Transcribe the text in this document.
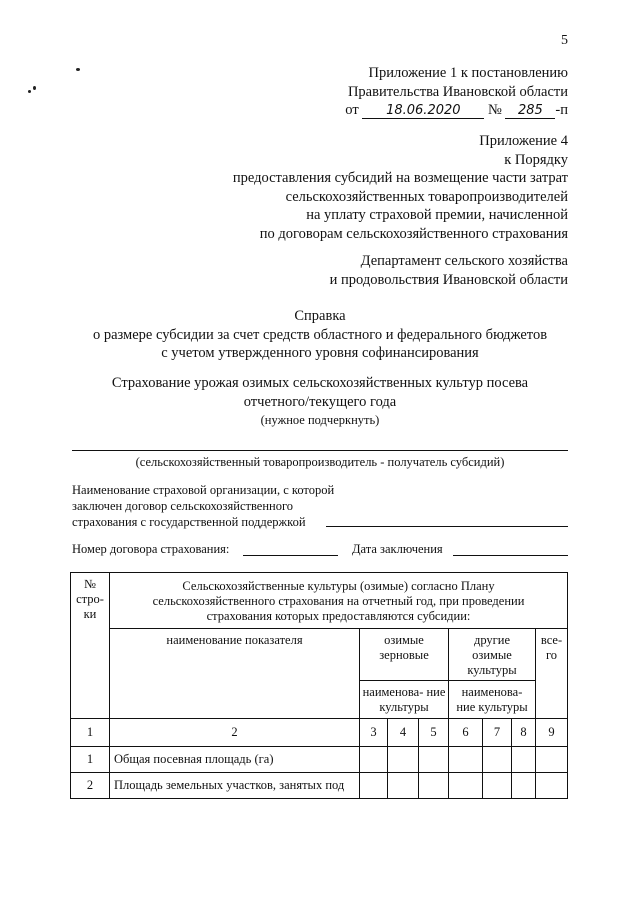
5
Приложение 1 к постановлению
Правительства Ивановской области
от 18.06.2020 № 285 -п
Приложение 4
к Порядку
предоставления субсидий на возмещение части затрат
сельскохозяйственных товаропроизводителей
на уплату страховой премии, начисленной
по договорам сельскохозяйственного страхования
Департамент сельского хозяйства
и продовольствия Ивановской области
Справка
о размере субсидии за счет средств областного и федерального бюджетов
с учетом утвержденного уровня софинансирования
Страхование урожая озимых сельскохозяйственных культур посева
отчетного/текущего года
(нужное подчеркнуть)
(сельскохозяйственный товаропроизводитель - получатель субсидий)
Наименование страховой организации, с которой
заключен договор сельскохозяйственного
страхования с государственной поддержкой
Номер договора страхования:	Дата заключения
№ стро- ки	Сельскохозяйственные культуры (озимые) согласно Плану сельскохозяйственного страхования на отчетный год, при проведении страхования которых предоставляются субсидии:							
	наименование показателя	озимые зерновые			другие озимые культуры			все- го
		наименова- ние культуры			наименова- ние культуры			
1	2	3	4	5	6	7	8	9
1	Общая посевная площадь (га)							
2	Площадь земельных участков, занятых под							
